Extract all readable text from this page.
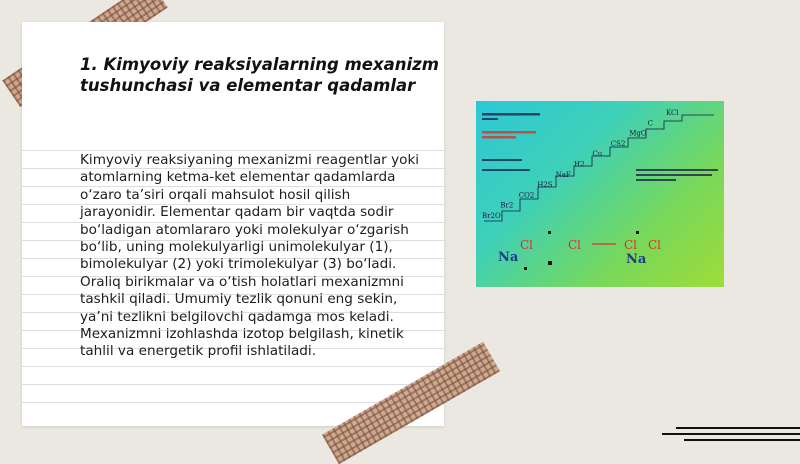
1. Kimyoviy reaksiyalarning mexanizm tushunchasi va elementar qadamlar

Kimyoviy reaksiyaning mexanizmi reagentlar yoki atomlarning ketma-ket elementar qadamlarda o‘zaro ta’siri orqali mahsulot hosil qilish jarayonidir. Elementar qadam bir vaqtda sodir bo‘ladigan atomlararo yoki molekulyar o‘zgarish bo‘lib, uning molekulyarligi unimolekulyar (1), bimolekulyar (2) yoki trimolekulyar (3) bo‘ladi. Oraliq birikmalar va o‘tish holatlari mexanizmni tashkil qiladi. Umumiy tezlik qonuni eng sekin, ya’ni tezlikni belgilovchi qadamga mos keladi. Mexanizmni izohlashda izotop belgilash, kinetik tahlil va energetik profil ishlatiladi.

Br2O
Br2
CO2
H2S
NaF
H2
Cu
CS2
MgO
C
KCl
Na
Cl	Cl	Cl Cl
Na
